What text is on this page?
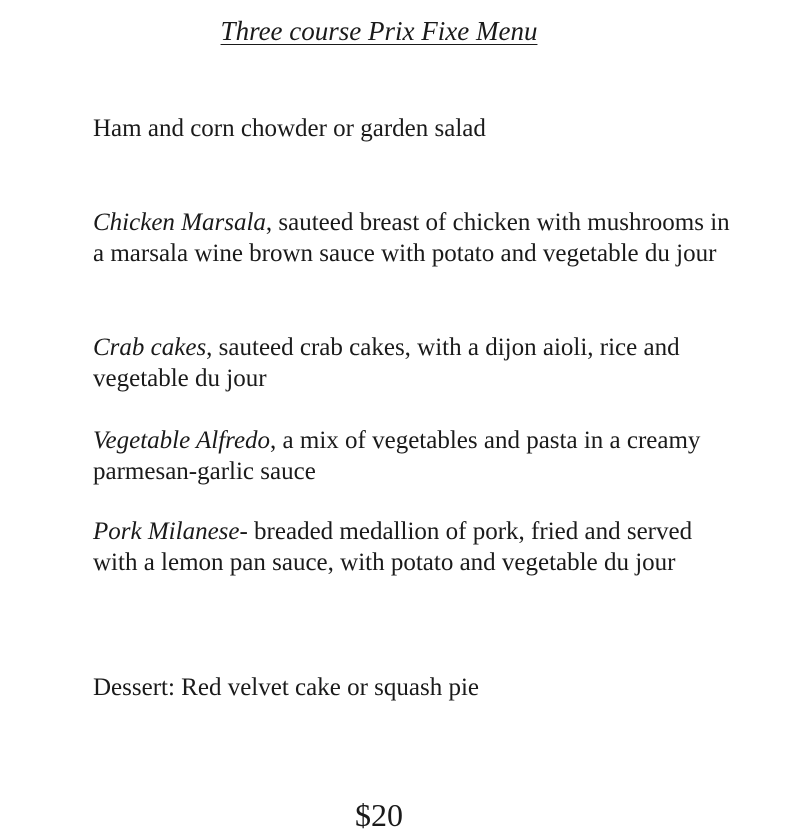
Three course Prix Fixe Menu
Ham and corn chowder or garden salad
Chicken Marsala, sauteed breast of chicken with mushrooms in a marsala wine brown sauce with potato and vegetable du jour
Crab cakes, sauteed crab cakes, with a dijon aioli, rice and vegetable du jour
Vegetable Alfredo, a mix of vegetables and pasta in a creamy parmesan-garlic sauce
Pork Milanese- breaded medallion of pork, fried and served with a lemon pan sauce, with potato and vegetable du jour
Dessert: Red velvet cake or squash pie
$20
